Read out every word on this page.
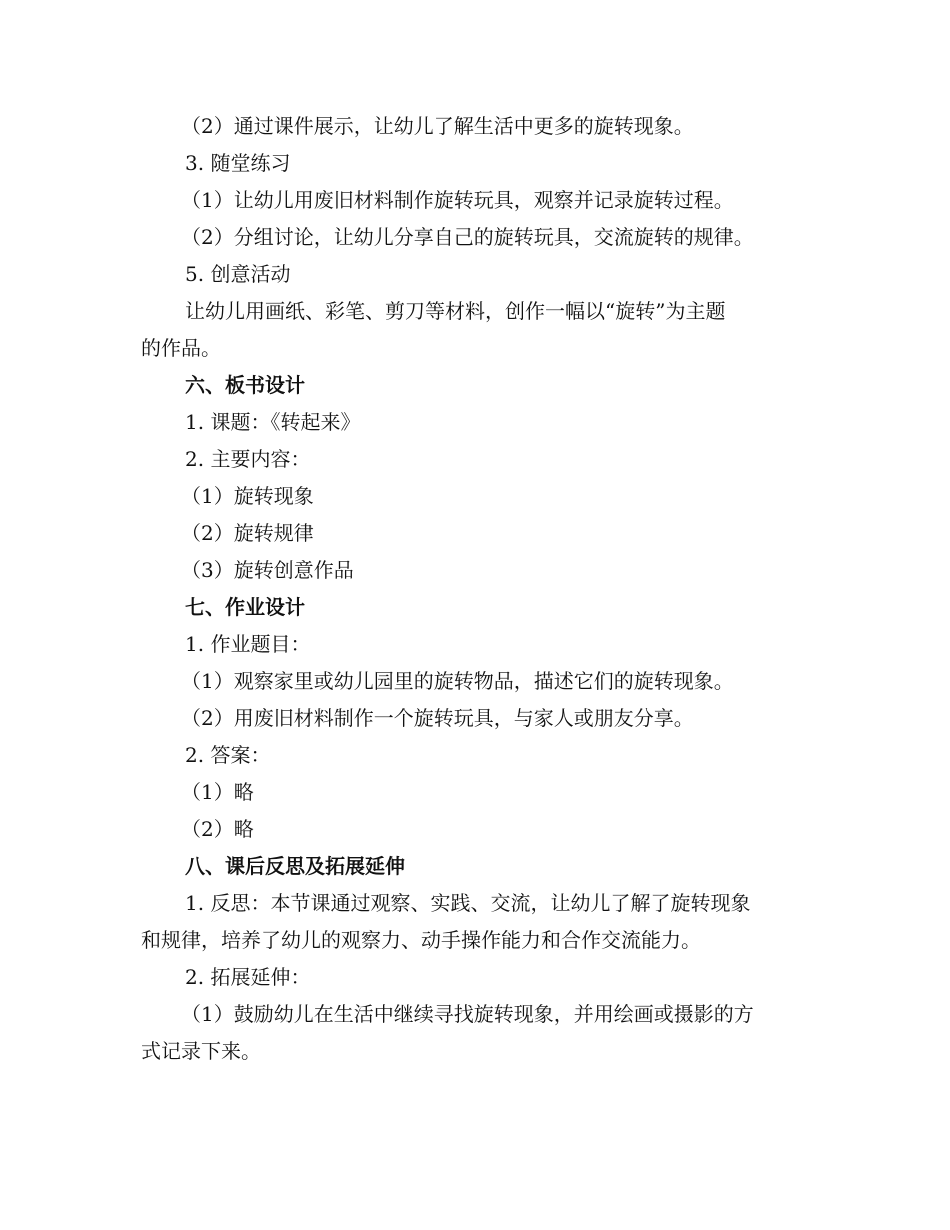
（2）通过课件展示，让幼儿了解生活中更多的旋转现象。

3. 随堂练习

（1）让幼儿用废旧材料制作旋转玩具，观察并记录旋转过程。

（2）分组讨论，让幼儿分享自己的旋转玩具，交流旋转的规律。

5. 创意活动

让幼儿用画纸、彩笔、剪刀等材料，创作一幅以“旋转”为主题

的作品。

六、板书设计

1. 课题：《转起来》

2. 主要内容：

（1）旋转现象

（2）旋转规律

（3）旋转创意作品

七、作业设计

1. 作业题目：

（1）观察家里或幼儿园里的旋转物品，描述它们的旋转现象。

（2）用废旧材料制作一个旋转玩具，与家人或朋友分享。

2. 答案：

（1）略

（2）略

八、课后反思及拓展延伸

1. 反思：本节课通过观察、实践、交流，让幼儿了解了旋转现象

和规律，培养了幼儿的观察力、动手操作能力和合作交流能力。

2. 拓展延伸：

（1）鼓励幼儿在生活中继续寻找旋转现象，并用绘画或摄影的方

式记录下来。
